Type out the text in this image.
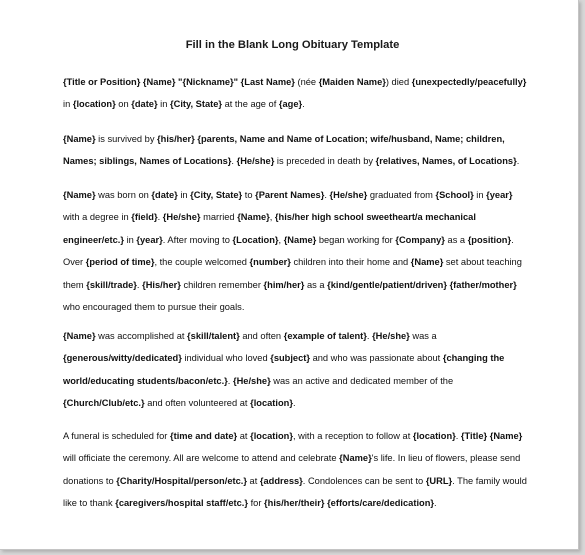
Fill in the Blank Long Obituary Template
{Title or Position} {Name} "{Nickname}" {Last Name} (née {Maiden Name}) died {unexpectedly/peacefully}
in {location} on {date} in {City, State} at the age of {age}.
{Name} is survived by {his/her} {parents, Name and Name of Location; wife/husband, Name; children,
Names; siblings, Names of Locations}. {He/she} is preceded in death by {relatives, Names, of Locations}.
{Name} was born on {date} in {City, State} to {Parent Names}. {He/she} graduated from {School} in {year}
with a degree in {field}. {He/she} married {Name}, {his/her high school sweetheart/a mechanical
engineer/etc.} in {year}. After moving to {Location}, {Name} began working for {Company} as a {position}.
Over {period of time}, the couple welcomed {number} children into their home and {Name} set about teaching
them {skill/trade}. {His/her} children remember {him/her} as a {kind/gentle/patient/driven} {father/mother}
who encouraged them to pursue their goals.
{Name} was accomplished at {skill/talent} and often {example of talent}. {He/she} was a
{generous/witty/dedicated} individual who loved {subject} and who was passionate about {changing the
world/educating students/bacon/etc.}. {He/she} was an active and dedicated member of the
{Church/Club/etc.} and often volunteered at {location}.
A funeral is scheduled for {time and date} at {location}, with a reception to follow at {location}. {Title} {Name}
will officiate the ceremony. All are welcome to attend and celebrate {Name}'s life. In lieu of flowers, please send
donations to {Charity/Hospital/person/etc.} at {address}. Condolences can be sent to {URL}. The family would
like to thank {caregivers/hospital staff/etc.} for {his/her/their} {efforts/care/dedication}.
